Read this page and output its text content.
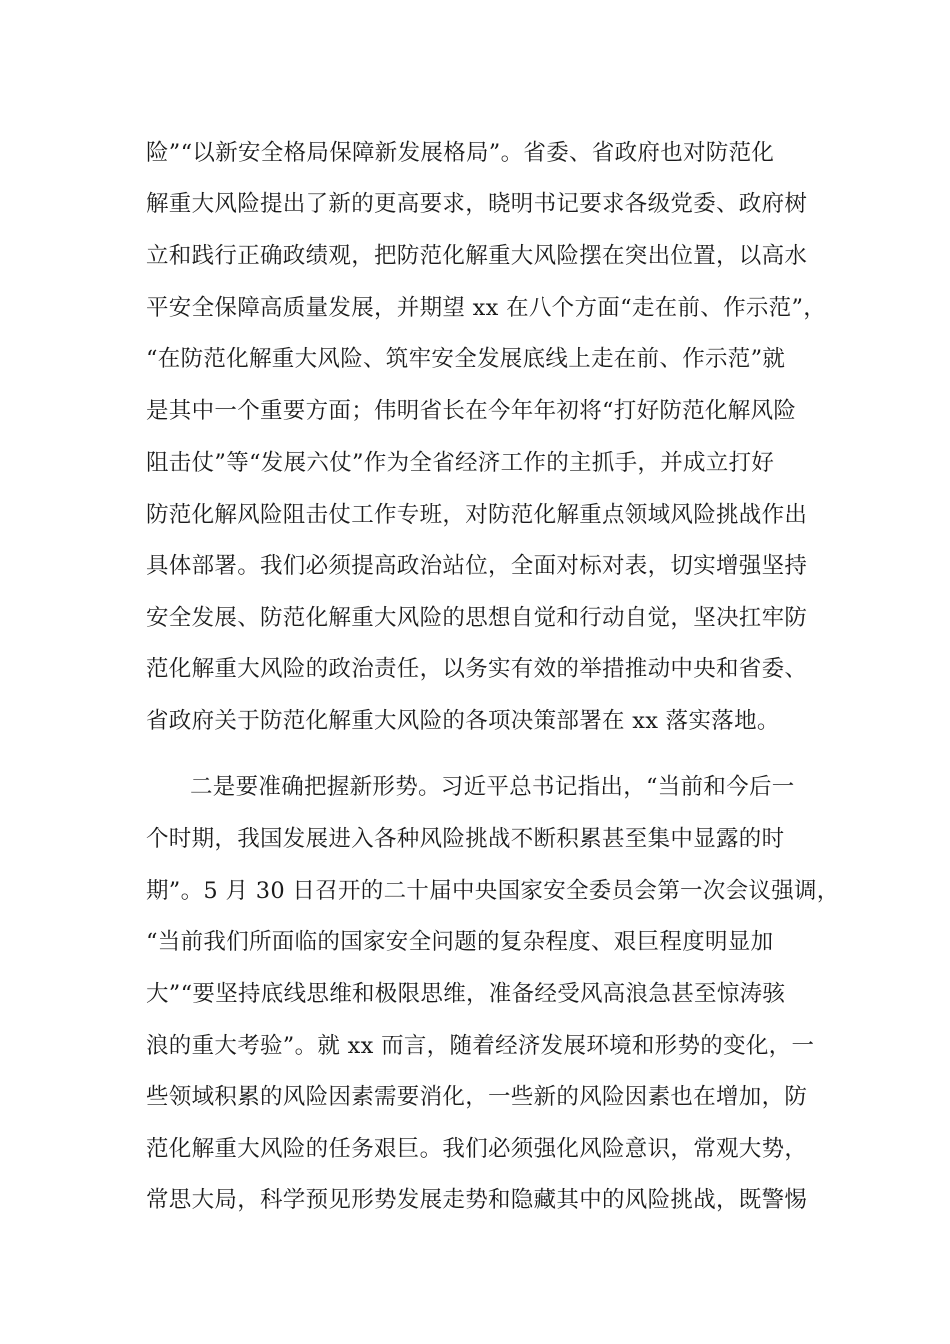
险”“以新安全格局保障新发展格局”。省委、省政府也对防范化
解重大风险提出了新的更高要求，晓明书记要求各级党委、政府树
立和践行正确政绩观，把防范化解重大风险摆在突出位置，以高水
平安全保障高质量发展，并期望 xx 在八个方面“走在前、作示范”，
“在防范化解重大风险、筑牢安全发展底线上走在前、作示范”就
是其中一个重要方面；伟明省长在今年年初将“打好防范化解风险
阻击仗”等“发展六仗”作为全省经济工作的主抓手，并成立打好
防范化解风险阻击仗工作专班，对防范化解重点领域风险挑战作出
具体部署。我们必须提高政治站位，全面对标对表，切实增强坚持
安全发展、防范化解重大风险的思想自觉和行动自觉，坚决扛牢防
范化解重大风险的政治责任，以务实有效的举措推动中央和省委、
省政府关于防范化解重大风险的各项决策部署在 xx 落实落地。
二是要准确把握新形势。习近平总书记指出，“当前和今后一
个时期，我国发展进入各种风险挑战不断积累甚至集中显露的时
期”。5 月 30 日召开的二十届中央国家安全委员会第一次会议强调，
“当前我们所面临的国家安全问题的复杂程度、艰巨程度明显加
大”“要坚持底线思维和极限思维，准备经受风高浪急甚至惊涛骇
浪的重大考验”。就 xx 而言，随着经济发展环境和形势的变化，一
些领域积累的风险因素需要消化，一些新的风险因素也在增加，防
范化解重大风险的任务艰巨。我们必须强化风险意识，常观大势，
常思大局，科学预见形势发展走势和隐藏其中的风险挑战，既警惕
